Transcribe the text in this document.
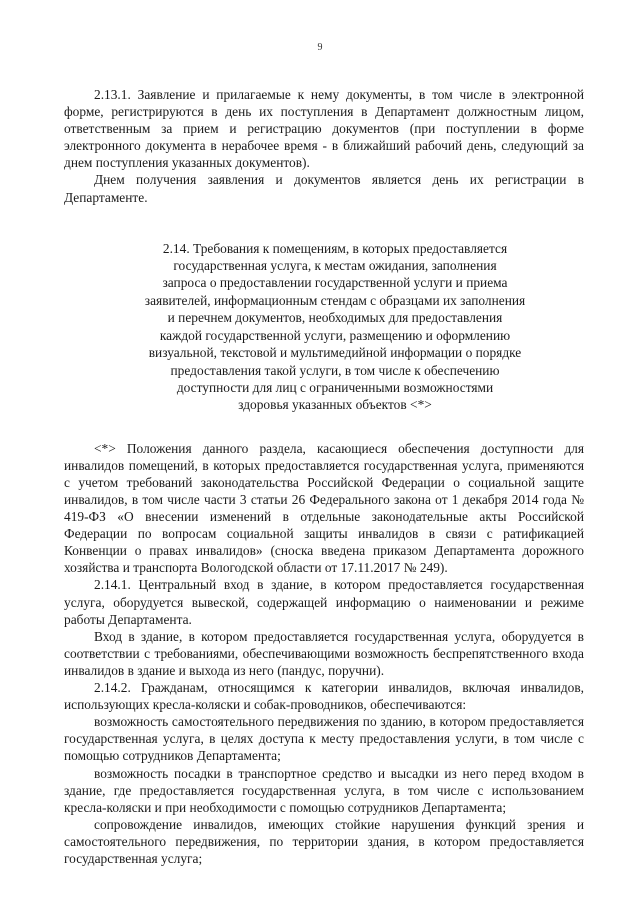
9

2.13.1. Заявление и прилагаемые к нему документы, в том числе в электронной форме, регистрируются в день их поступления в Департамент должностным лицом, ответственным за прием и регистрацию документов (при поступлении в форме электронного документа в нерабочее время - в ближайший рабочий день, следующий за днем поступления указанных документов).

Днем получения заявления и документов является день их регистрации в Департаменте.

2.14. Требования к помещениям, в которых предоставляется
государственная услуга, к местам ожидания, заполнения
запроса о предоставлении государственной услуги и приема
заявителей, информационным стендам с образцами их заполнения
и перечнем документов, необходимых для предоставления
каждой государственной услуги, размещению и оформлению
визуальной, текстовой и мультимедийной информации о порядке
предоставления такой услуги, в том числе к обеспечению
доступности для лиц с ограниченными возможностями
здоровья указанных объектов <*>

<*> Положения данного раздела, касающиеся обеспечения доступности для инвалидов помещений, в которых предоставляется государственная услуга, применяются с учетом требований законодательства Российской Федерации о социальной защите инвалидов, в том числе части 3 статьи 26 Федерального закона от 1 декабря 2014 года № 419-ФЗ «О внесении изменений в отдельные законодательные акты Российской Федерации по вопросам социальной защиты инвалидов в связи с ратификацией Конвенции о правах инвалидов» (сноска введена приказом Департамента дорожного хозяйства и транспорта Вологодской области от 17.11.2017 № 249).

2.14.1. Центральный вход в здание, в котором предоставляется государственная услуга, оборудуется вывеской, содержащей информацию о наименовании и режиме работы Департамента.

Вход в здание, в котором предоставляется государственная услуга, оборудуется в соответствии с требованиями, обеспечивающими возможность беспрепятственного входа инвалидов в здание и выхода из него (пандус, поручни).

2.14.2. Гражданам, относящимся к категории инвалидов, включая инвалидов, использующих кресла-коляски и собак-проводников, обеспечиваются:

возможность самостоятельного передвижения по зданию, в котором предоставляется государственная услуга, в целях доступа к месту предоставления услуги, в том числе с помощью сотрудников Департамента;

возможность посадки в транспортное средство и высадки из него перед входом в здание, где предоставляется государственная услуга, в том числе с использованием кресла-коляски и при необходимости с помощью сотрудников Департамента;

сопровождение инвалидов, имеющих стойкие нарушения функций зрения и самостоятельного передвижения, по территории здания, в котором предоставляется государственная услуга;
